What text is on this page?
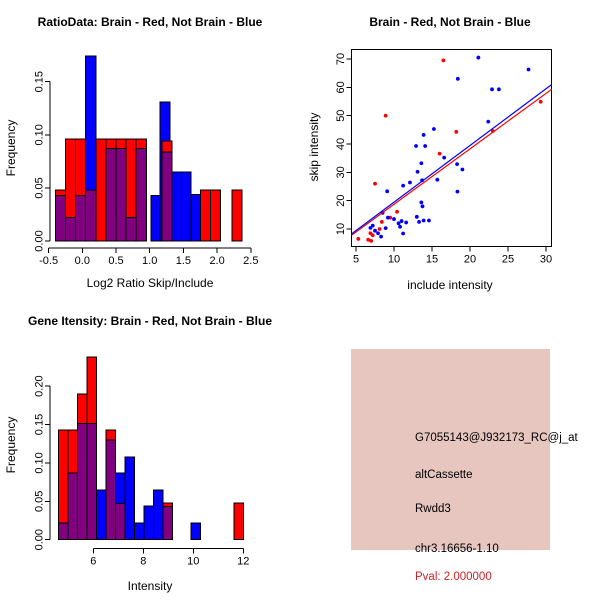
0.00
0.05
0.10
0.15
-0.5 0.0 0.5 1.0 1.5 2.0 2.5
RatioData: Brain - Red, Not Brain - Blue
Frequency
Log2 Ratio Skip/Include
10
20
30
40
50
60
70
5	10 15 20 25 30
Brain - Red, Not Brain - Blue
skip intensity
include intensity
0.00
0.05
0.10
0.15
0.20
6	8	10	12
Gene Itensity: Brain - Red, Not Brain - Blue
Frequency
Intensity
G7055143@J932173_RC@j_at
altCassette
Rwdd3
chr3.16656-1.10
Pval: 2.000000
